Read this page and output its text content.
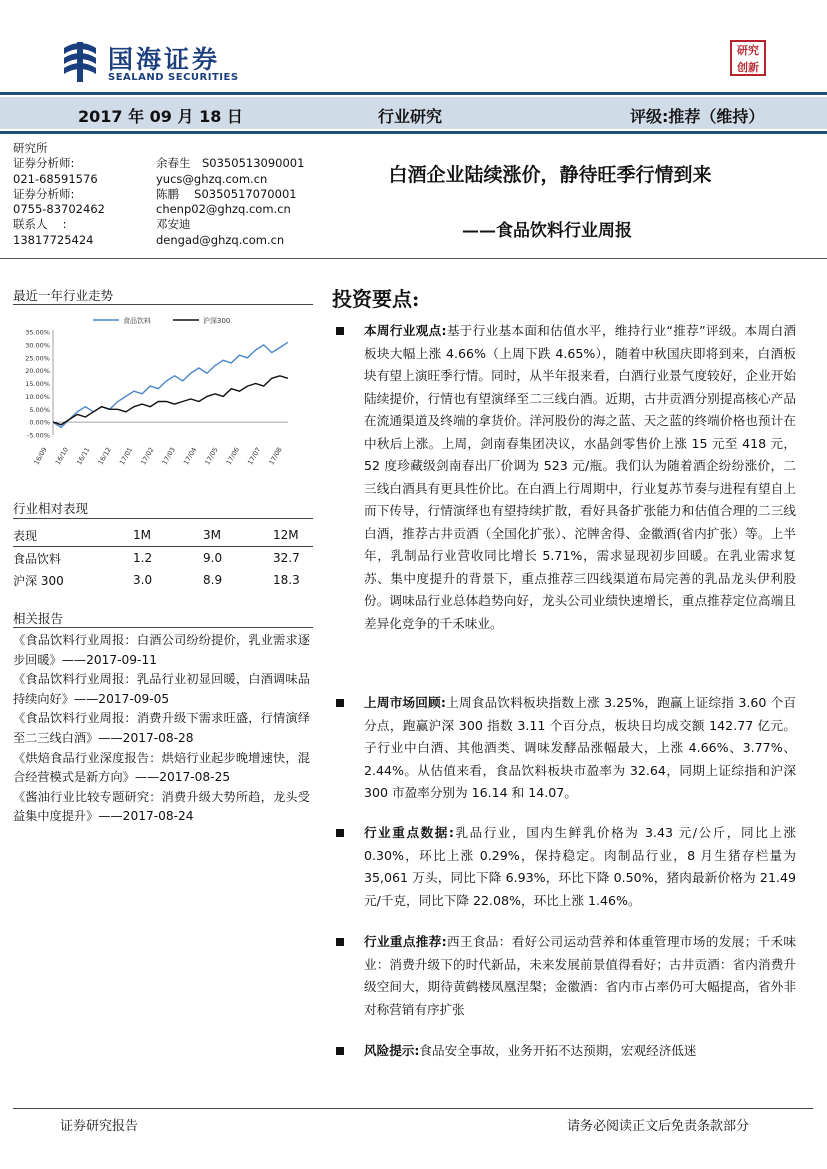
国海证券
SEALAND SECURITIES
研究创新
2017 年 09 月 18 日	行业研究	评级:推荐（维持）
研究所
证券分析师:
021-68591576
证券分析师:
0755-83702462
联系人　 :
13817725424
余春生　S0350513090001
yucs@ghzq.com.cn
陈鹏　 S0350517070001
chenp02@ghzq.com.cn
邓安迪
dengad@ghzq.com.cn
白酒企业陆续涨价，静待旺季行情到来
——食品饮料行业周报
最近一年行业走势
食品饮料	沪深300
35.00%
30.00%
25.00%
20.00%
15.00%
10.00%
5.00%
0.00%
-5.00%
16/09 16/10 16/11 16/12 17/01 17/02 17/03 17/04 17/05 17/06 17/07 17/08
行业相对表现
表现	1M	3M	12M
食品饮料	1.2	9.0	32.7
沪深 300	3.0	8.9	18.3
相关报告

《食品饮料行业周报：白酒公司纷纷提价，乳业需求逐步回暖》——2017-09-11

《食品饮料行业周报：乳品行业初显回暖，白酒调味品持续向好》——2017-09-05

《食品饮料行业周报：消费升级下需求旺盛，行情演绎至二三线白酒》——2017-08-28

《烘焙食品行业深度报告：烘焙行业起步晚增速快，混合经营模式是新方向》——2017-08-25

《酱油行业比较专题研究：消费升级大势所趋，龙头受益集中度提升》——2017-08-24

投资要点:
本周行业观点:基于行业基本面和估值水平，维持行业“推荐”评级。本周白酒板块大幅上涨 4.66%（上周下跌 4.65%），随着中秋国庆即将到来，白酒板块有望上演旺季行情。同时，从半年报来看，白酒行业景气度较好，企业开始陆续提价，行情也有望演绎至二三线白酒。近期，古井贡酒分别提高核心产品在流通渠道及终端的拿货价。洋河股份的海之蓝、天之蓝的终端价格也预计在中秋后上涨。上周，剑南春集团决议，水晶剑零售价上涨 15 元至 418 元，52 度珍藏级剑南春出厂价调为 523 元/瓶。我们认为随着酒企纷纷涨价，二三线白酒具有更具性价比。在白酒上行周期中，行业复苏节奏与进程有望自上而下传导，行情演绎也有望持续扩散，看好具备扩张能力和估值合理的二三线白酒，推荐古井贡酒（全国化扩张）、沱牌舍得、金徽酒(省内扩张）等。上半年，乳制品行业营收同比增长 5.71%，需求显现初步回暖。在乳业需求复苏、集中度提升的背景下，重点推荐三四线渠道布局完善的乳品龙头伊利股份。调味品行业总体趋势向好，龙头公司业绩快速增长，重点推荐定位高端且差异化竞争的千禾味业。
上周市场回顾:上周食品饮料板块指数上涨 3.25%，跑赢上证综指 3.60 个百分点，跑赢沪深 300 指数 3.11 个百分点，板块日均成交额 142.77 亿元。子行业中白酒、其他酒类、调味发酵品涨幅最大，上涨 4.66%、3.77%、2.44%。从估值来看，食品饮料板块市盈率为 32.64，同期上证综指和沪深 300 市盈率分别为 16.14 和 14.07。
行业重点数据:乳品行业，国内生鲜乳价格为 3.43 元/公斤，同比上涨 0.30%，环比上涨 0.29%，保持稳定。肉制品行业，8 月生猪存栏量为 35,061 万头，同比下降 6.93%，环比下降 0.50%，猪肉最新价格为 21.49 元/千克，同比下降 22.08%，环比上涨 1.46%。
行业重点推荐:西王食品：看好公司运动营养和体重管理市场的发展；千禾味业：消费升级下的时代新品，未来发展前景值得看好；古井贡酒：省内消费升级空间大，期待黄鹤楼凤凰涅槃；金徽酒：省内市占率仍可大幅提高，省外非对称营销有序扩张
风险提示:食品安全事故，业务开拓不达预期，宏观经济低迷
证券研究报告	请务必阅读正文后免责条款部分
